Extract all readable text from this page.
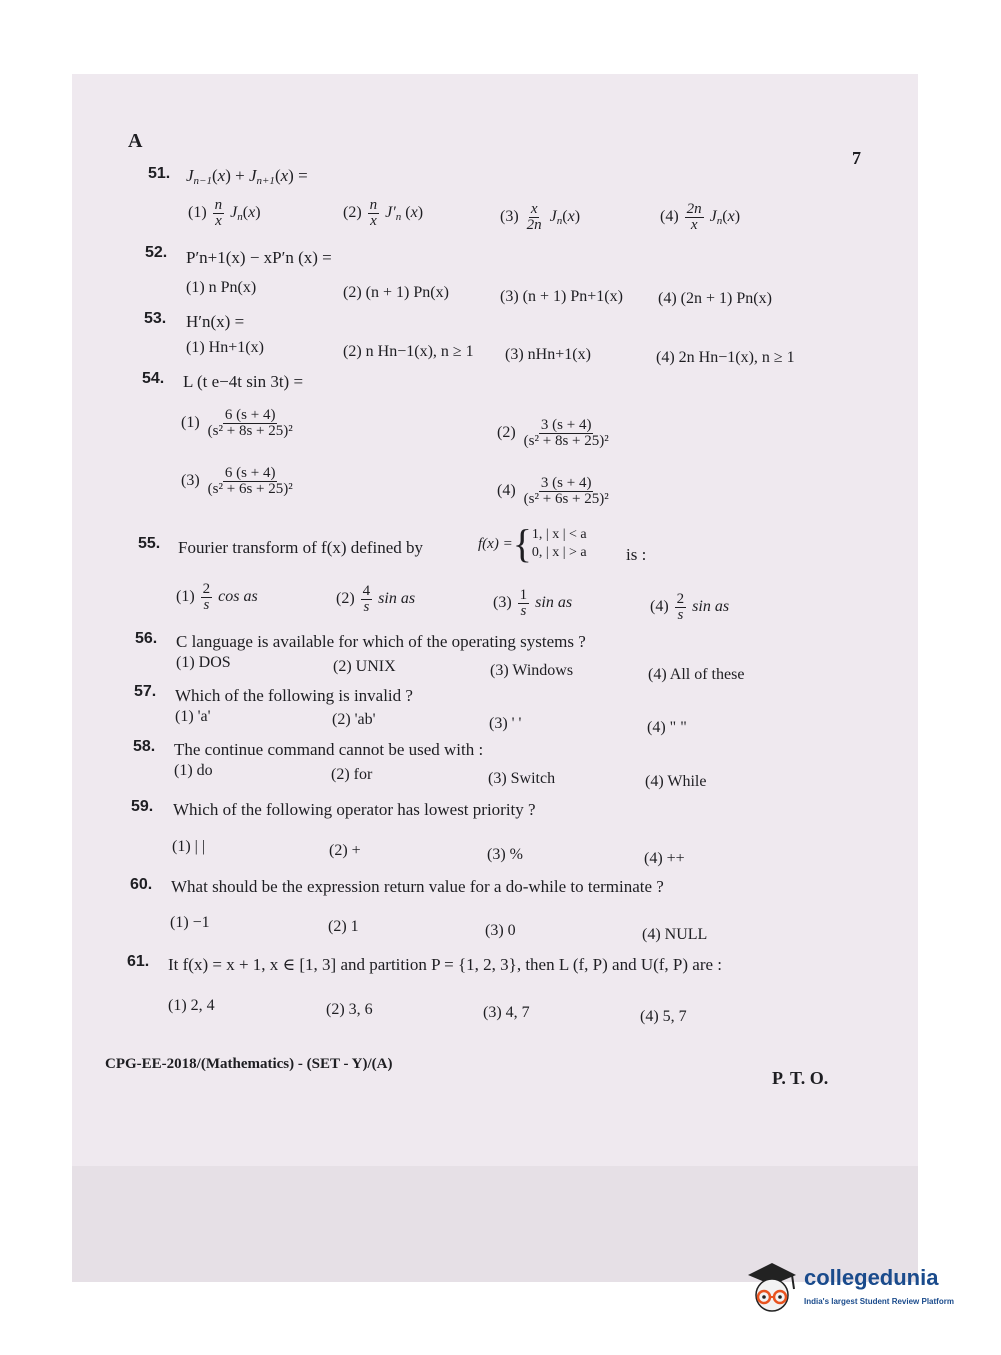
A
7
51. $J_{n-1}(x) + J_{n+1}(x)$ =
$(1) \frac{n}{x} J_n(x)$	$(2) \frac{n}{x} J'_n$ (x)	$(3) \frac{x}{2n} J_n(x)$	$(4) \frac{2n}{x} J_n(x)$
52. P′n+1(x) − xP′n (x) =
(1) n Pn(x)	(2) (n + 1) Pn(x)	(3) (n + 1) Pn+1(x) (4) (2n + 1) Pn(x)
53. H′n(x) =
(1) Hn+1(x)	(2) n Hn−1(x), n ≥ 1 (3) nHn+1(x)	(4) 2n Hn−1(x), n ≥ 1
54. L (t e−4t sin 3t) =
$(1) \frac{6 (s + 4)}{\text{(s² + 8s + 25)²}}$	$(2) \frac{3 (s + 4)}{\text{(s² + 8s + 25)²}}$
$(3) \frac{6 (s + 4)}{\text{(s² + 6s + 25)²}}$	$(4) \frac{3 (s + 4)}{\text{(s² + 6s + 25)²}}$
55. Fourier transform of f(x) defined by	f(x) ={1, | x | < a
0, | x | > a is :
$(1) \frac{2}{s}$ cos as	$(2) \frac{4}{s}$ sin as	$(3) \frac{1}{s}$ sin as	$(4) \frac{2}{s}$ sin as
56. C language is available for which of the operating systems ?
(1) DOS	(2) UNIX	(3) Windows	(4) All of these
57. Which of the following is invalid ?
(1) 'a'	(2) 'ab'	(3) ' '	(4) " "
58. The continue command cannot be used with :
(1) do	(2) for	(3) Switch	(4) While
59. Which of the following operator has lowest priority ?
(1) | |	(2) +	(3) %	(4) ++
60. What should be the expression return value for a do-while to terminate ?
(1) −1	(2) 1	(3) 0	(4) NULL
61. It f(x) = x + 1, x ∈ [1, 3] and partition P = {1, 2, 3}, then L (f, P) and U(f, P) are :
(1) 2, 4	(2) 3, 6	(3) 4, 7	(4) 5, 7
CPG-EE-2018/(Mathematics) - (SET - Y)/(A)
P. T. O.
collegedunia
India's largest Student Review Platform
